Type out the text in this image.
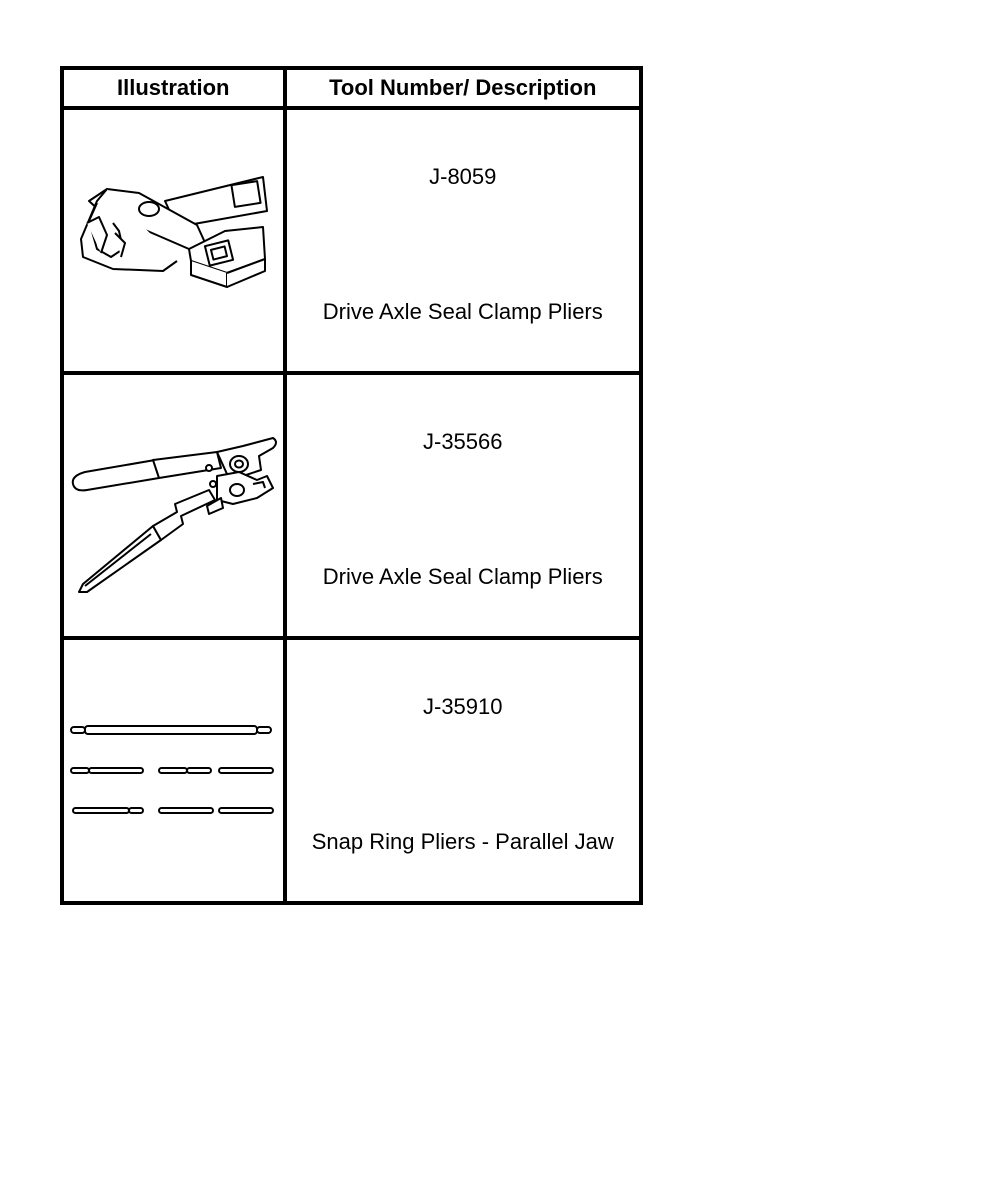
Illustration	Tool Number/ Description

J-8059
Drive Axle Seal Clamp Pliers

J-35566
Drive Axle Seal Clamp Pliers

J-35910
Snap Ring Pliers - Parallel Jaw
